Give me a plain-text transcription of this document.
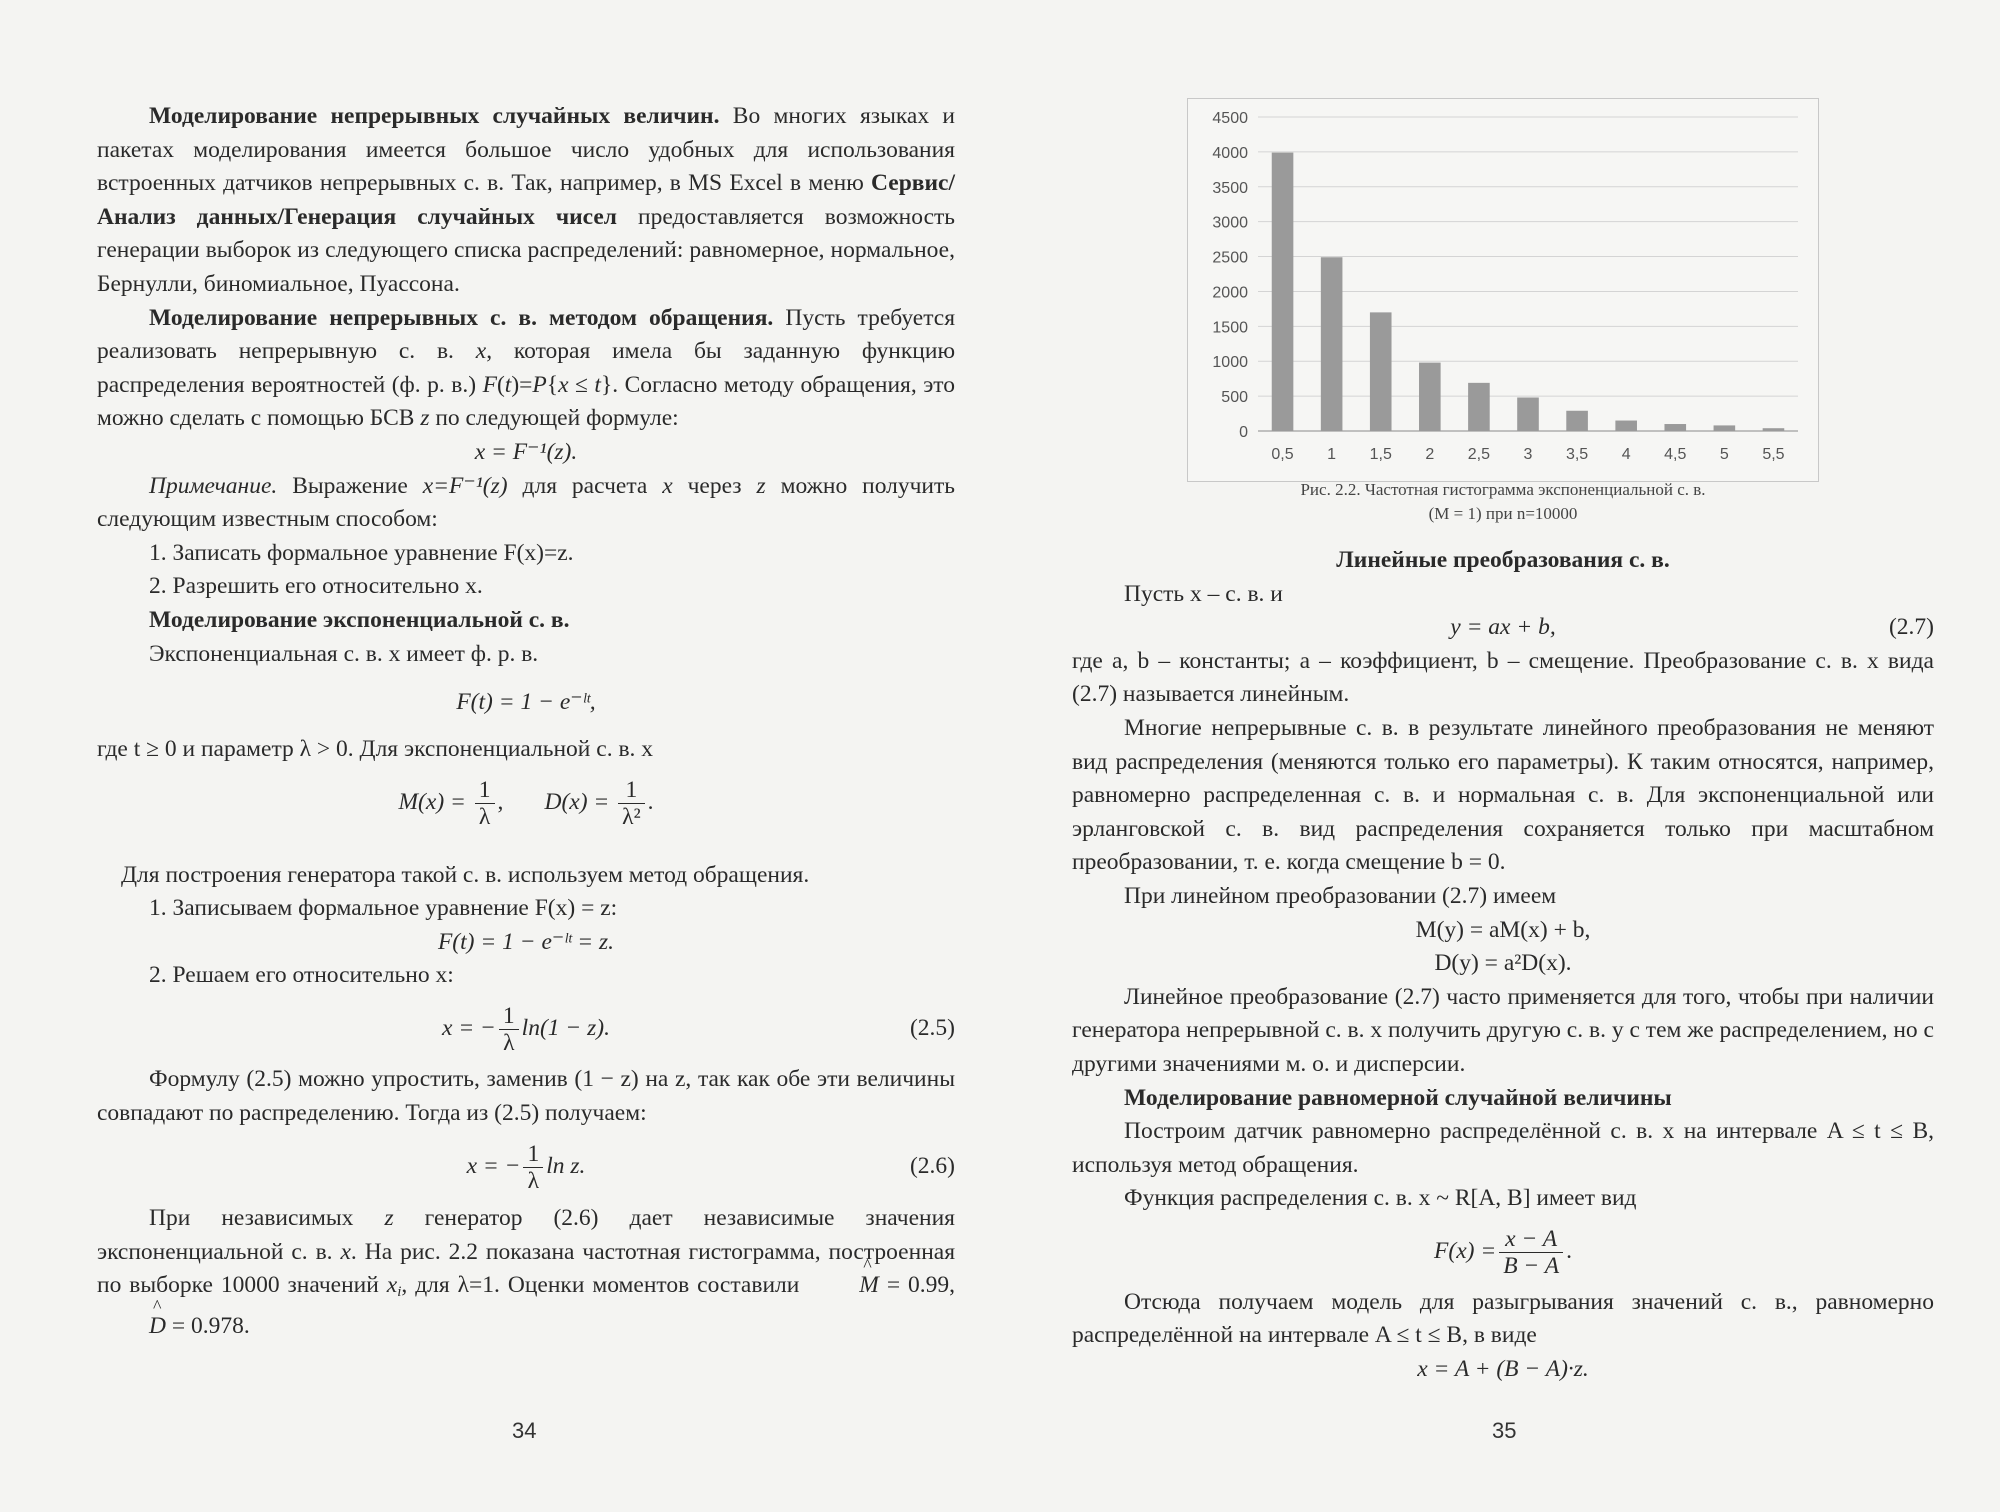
Моделирование непрерывных случайных величин. Во многих языках и пакетах моделирования имеется большое число удобных для использования встроенных датчиков непрерывных с. в. Так, например, в MS Excel в меню Сервис/Анализ данных/Генерация случайных чисел предоставляется возможность генерации выборок из следующего списка распределений: равномерное, нормальное, Бернулли, биномиальное, Пуассона.

Моделирование непрерывных с. в. методом обращения. Пусть требуется реализовать непрерывную с. в. x, которая имела бы заданную функцию распределения вероятностей (ф. р. в.) F(t)=P{x ≤ t}. Согласно методу обращения, это можно сделать с помощью БСВ z по следующей формуле:

x = F⁻¹(z).

Примечание. Выражение x=F⁻¹(z) для расчета x через z можно получить следующим известным способом:

1. Записать формальное уравнение F(x)=z.

2. Разрешить его относительно x.

Моделирование экспоненциальной с. в.

Экспоненциальная с. в. x имеет ф. р. в.

F(t) = 1 − e⁻ˡᵗ,

где t ≥ 0 и параметр λ > 0. Для экспоненциальной с. в. x

$M(x) = \frac{1}{\lambda}$ ,       $D(x) = \frac{1}{\text{λ²}}$ .

Для построения генератора такой с. в. используем метод обращения.

1. Записываем формальное уравнение F(x) = z:

F(t) = 1 − e⁻ˡᵗ = z.

2. Решаем его относительно x:

x = − $\frac{1}{\lambda} \ln(1 - z)$.	(2.5)

Формулу (2.5) можно упростить, заменив (1 − z) на z, так как обе эти величины совпадают по распределению. Тогда из (2.5) получаем:

x = − $\frac{1}{\lambda}$ ln z.	(2.6)

При независимых z генератор (2.6) дает независимые значения экспоненциальной с. в. x. На рис. 2.2 показана частотная гистограмма, построенная по выборке 10000 значений $x_i$, для λ=1. Оценки моментов составили ^	M = 0.99, ^ D = 0.978.

34
0
500
1000
1500
2000
2500
3000
3500
4000
4500
0,5 1 1,5 2 2,5 3 3,5 4 4,5 5 5,5
Рис. 2.2. Частотная гистограмма экспоненциальной с. в.
(M = 1) при n=10000

Линейные преобразования с. в.

Пусть x – с. в. и

y = ax + b,	(2.7)

где a, b – константы; a – коэффициент, b – смещение. Преобразование с. в. x вида (2.7) называется линейным.

Многие непрерывные с. в. в результате линейного преобразования не меняют вид распределения (меняются только его параметры). К таким относятся, например, равномерно распределенная с. в. и нормальная с. в. Для экспоненциальной или эрланговской с. в. вид распределения сохраняется только при масштабном преобразовании, т. е. когда смещение b = 0.

При линейном преобразовании (2.7) имеем

M(y) = aM(x) + b,

D(y) = a²D(x).

Линейное преобразование (2.7) часто применяется для того, чтобы при наличии генератора непрерывной с. в. x получить другую с. в. y с тем же распределением, но с другими значениями м. о. и дисперсии.

Моделирование равномерной случайной величины

Построим датчик равномерно распределённой с. в. x на интервале A ≤ t ≤ B, используя метод обращения.

Функция распределения с. в. x ~ R[A, B] имеет вид

$F(x) = \frac{x - A}{B - A}$ .

Отсюда получаем модель для разыгрывания значений с. в., равномерно распределённой на интервале A ≤ t ≤ B, в виде

x = A + (B − A)·z.

35
